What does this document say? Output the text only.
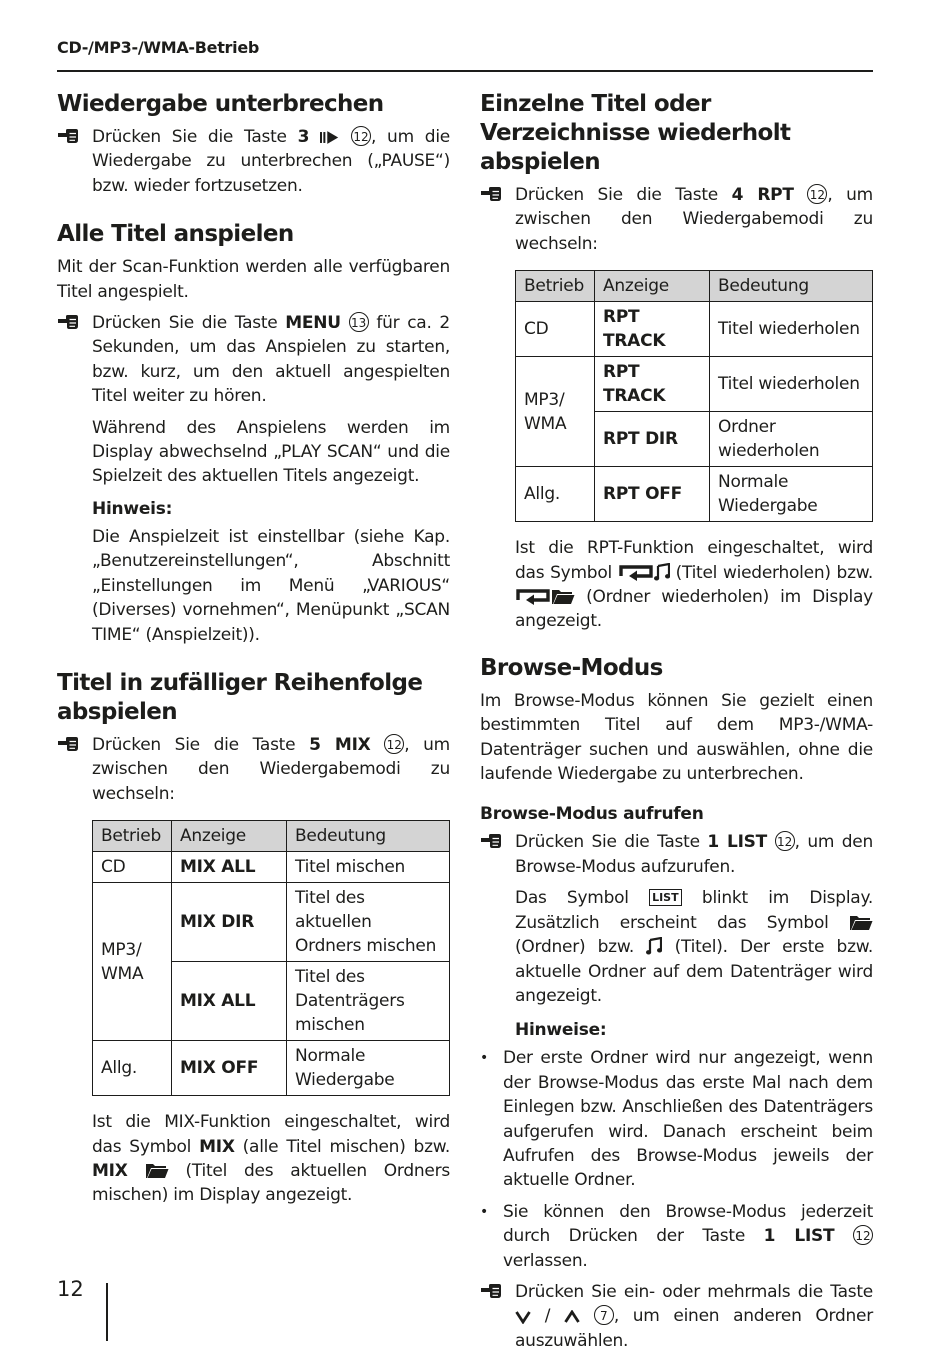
CD-/MP3-/WMA-Betrieb
Wiedergabe unterbrechen

Drücken Sie die Taste 3	12 , um die Wiedergabe zu unterbrechen („PAUSE“) bzw. wieder fortzusetzen.

Alle Titel anspielen

Mit der Scan-Funktion werden alle verfügbaren Titel angespielt.

Drücken Sie die Taste MENU 13 für ca. 2 Sekunden, um das Anspielen zu starten, bzw. kurz, um den aktuell angespielten Titel weiter zu hören.

Während des Anspielens werden im Display abwechselnd „PLAY SCAN“ und die Spielzeit des aktuellen Titels angezeigt.

Hinweis:

Die Anspielzeit ist einstellbar (siehe Kap. „Benutzereinstellungen“, Abschnitt „Einstellungen im Menü „VARIOUS“ (Diverses) vornehmen“, Menüpunkt „SCAN TIME“ (Anspielzeit)).

Titel in zufälliger Reihenfolge abspielen

Drücken Sie die Taste 5 MIX 12 , um zwischen den Wiedergabemodi zu wechseln:

Betrieb	Anzeige	Bedeutung
CD	MIX ALL	Titel mischen
MP3/ WMA	MIX DIR	Titel des aktuellen Ordners mischen
	MIX ALL	Titel des Datenträgers mischen
Allg.	MIX OFF	Normale Wiedergabe

Ist die MIX-Funktion eingeschaltet, wird das Symbol MIX (alle Titel mischen) bzw. MIX  (Titel des aktuellen Ordners mischen) im Display angezeigt.

Einzelne Titel oder Verzeichnisse wiederholt abspielen

Drücken Sie die Taste 4 RPT 12 , um zwischen den Wiedergabemodi zu wechseln:

Betrieb	Anzeige	Bedeutung
CD	RPT TRACK	Titel wiederholen
MP3/ WMA	RPT TRACK	Titel wiederholen
	RPT DIR	Ordner wiederholen
Allg.	RPT OFF	Normale Wiedergabe

Ist die RPT-Funktion eingeschaltet, wird das Symbol	(Titel wiederholen) bzw.  (Ordner wiederholen) im Display angezeigt.

Browse-Modus

Im Browse-Modus können Sie gezielt einen bestimmten Titel auf dem MP3-/WMA-Datenträger suchen und auswählen, ohne die laufende Wiedergabe zu unterbrechen.

Browse-Modus aufrufen

Drücken Sie die Taste 1 LIST 12 , um den Browse-Modus aufzurufen.

Das Symbol LIST blinkt im Display. Zusätzlich erscheint das Symbol  (Ordner) bzw.  (Titel). Der erste bzw. aktuelle Ordner auf dem Datenträger wird angezeigt.

Hinweise:
• Der erste Ordner wird nur angezeigt, wenn der Browse-Modus das erste Mal nach dem Einlegen bzw. Anschließen des Datenträgers aufgerufen wird. Danach erscheint beim Aufrufen des Browse-Modus jeweils der aktuelle Ordner.
• Sie können den Browse-Modus jederzeit durch Drücken der Taste 1 LIST 12 verlassen.

Drücken Sie ein- oder mehrmals die Taste  /	7 , um einen anderen Ordner auszuwählen.

12
